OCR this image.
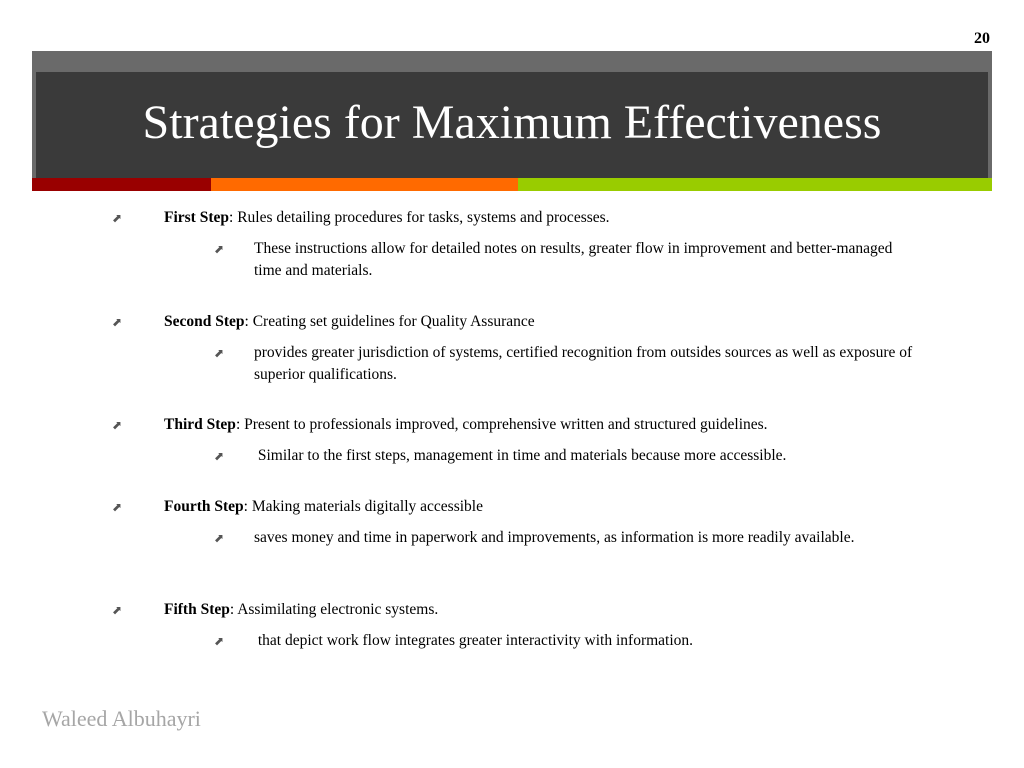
20
Strategies for Maximum Effectiveness
⬈	First Step: Rules detailing procedures for tasks, systems and processes.
⬈ These instructions allow for detailed notes on results, greater flow in improvement and better-managed time and materials.
⬈	Second Step: Creating set guidelines for Quality Assurance
⬈ provides greater jurisdiction of systems, certified recognition from outsides sources as well as exposure of superior qualifications.
⬈	Third Step: Present to professionals improved, comprehensive written and structured guidelines.
⬈ Similar to the first steps, management in time and materials because more accessible.
⬈	Fourth Step: Making materials digitally accessible
⬈ saves money and time in paperwork and improvements, as information is more readily available.
⬈	Fifth Step: Assimilating electronic systems.
⬈ that depict work flow integrates greater interactivity with information.
Waleed Albuhayri
